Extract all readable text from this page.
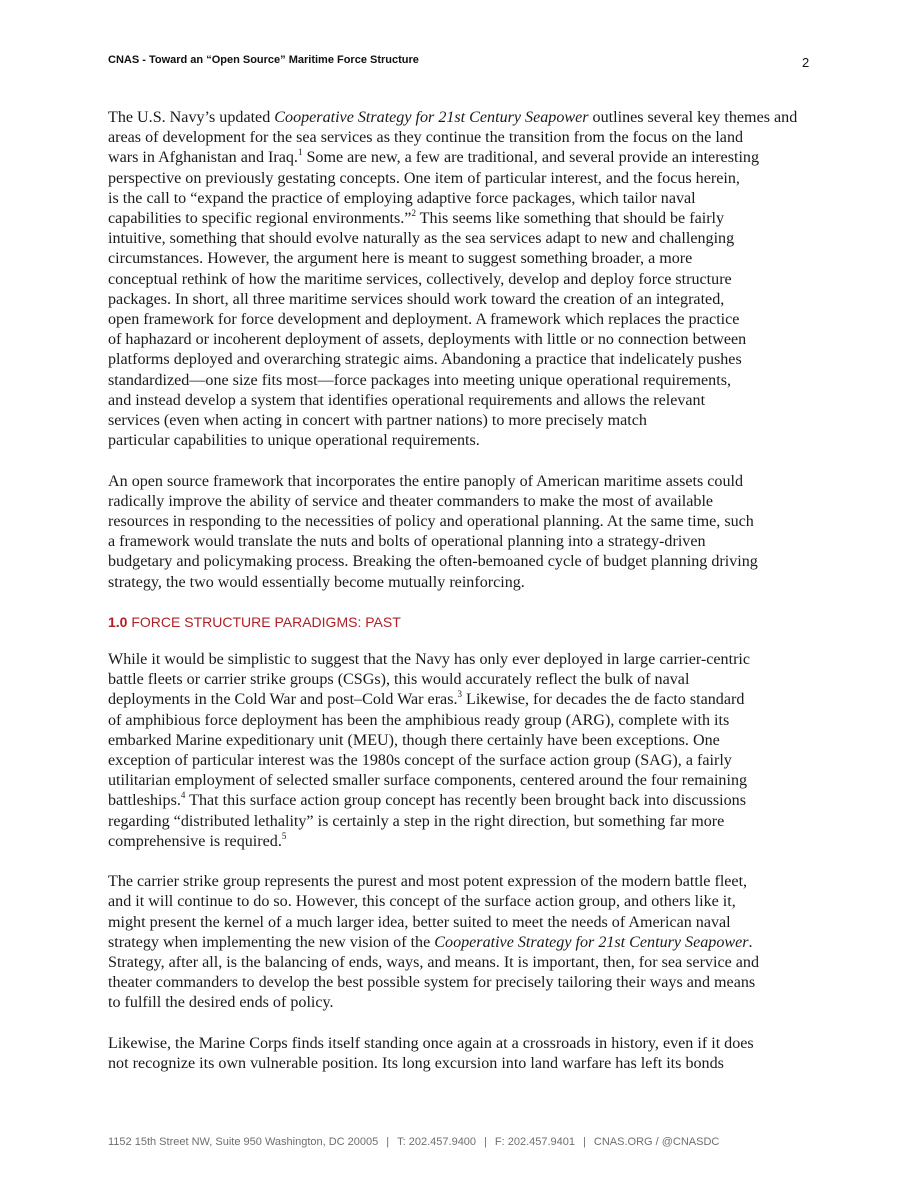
CNAS - Toward an “Open Source” Maritime Force Structure	2

The U.S. Navy’s updated Cooperative Strategy for 21st Century Seapower outlines several key themes and
areas of development for the sea services as they continue the transition from the focus on the land
wars in Afghanistan and Iraq.$^1$ Some are new, a few are traditional, and several provide an interesting
perspective on previously gestating concepts. One item of particular interest, and the focus herein,
is the call to “expand the practice of employing adaptive force packages, which tailor naval
capabilities to specific regional environments.”$^2$ This seems like something that should be fairly
intuitive, something that should evolve naturally as the sea services adapt to new and challenging
circumstances. However, the argument here is meant to suggest something broader, a more
conceptual rethink of how the maritime services, collectively, develop and deploy force structure
packages. In short, all three maritime services should work toward the creation of an integrated,
open framework for force development and deployment. A framework which replaces the practice
of haphazard or incoherent deployment of assets, deployments with little or no connection between
platforms deployed and overarching strategic aims. Abandoning a practice that indelicately pushes
standardized—one size fits most—force packages into meeting unique operational requirements,
and instead develop a system that identifies operational requirements and allows the relevant
services (even when acting in concert with partner nations) to more precisely match
particular capabilities to unique operational requirements.

An open source framework that incorporates the entire panoply of American maritime assets could
radically improve the ability of service and theater commanders to make the most of available
resources in responding to the necessities of policy and operational planning. At the same time, such
a framework would translate the nuts and bolts of operational planning into a strategy-driven
budgetary and policymaking process. Breaking the often-bemoaned cycle of budget planning driving
strategy, the two would essentially become mutually reinforcing.

1.0 FORCE STRUCTURE PARADIGMS: PAST

While it would be simplistic to suggest that the Navy has only ever deployed in large carrier-centric
battle fleets or carrier strike groups (CSGs), this would accurately reflect the bulk of naval
deployments in the Cold War and post–Cold War eras.$^3$ Likewise, for decades the de facto standard
of amphibious force deployment has been the amphibious ready group (ARG), complete with its
embarked Marine expeditionary unit (MEU), though there certainly have been exceptions. One
exception of particular interest was the 1980s concept of the surface action group (SAG), a fairly
utilitarian employment of selected smaller surface components, centered around the four remaining
battleships.$^4$ That this surface action group concept has recently been brought back into discussions
regarding “distributed lethality” is certainly a step in the right direction, but something far more
comprehensive is required.$^5$

The carrier strike group represents the purest and most potent expression of the modern battle fleet,
and it will continue to do so. However, this concept of the surface action group, and others like it,
might present the kernel of a much larger idea, better suited to meet the needs of American naval
strategy when implementing the new vision of the Cooperative Strategy for 21st Century Seapower.
Strategy, after all, is the balancing of ends, ways, and means. It is important, then, for sea service and
theater commanders to develop the best possible system for precisely tailoring their ways and means
to fulfill the desired ends of policy.

Likewise, the Marine Corps finds itself standing once again at a crossroads in history, even if it does
not recognize its own vulnerable position. Its long excursion into land warfare has left its bonds

1152 15th Street NW, Suite 950 Washington, DC 20005 | T: 202.457.9400 | F: 202.457.9401 | CNAS.ORG / @CNASDC
